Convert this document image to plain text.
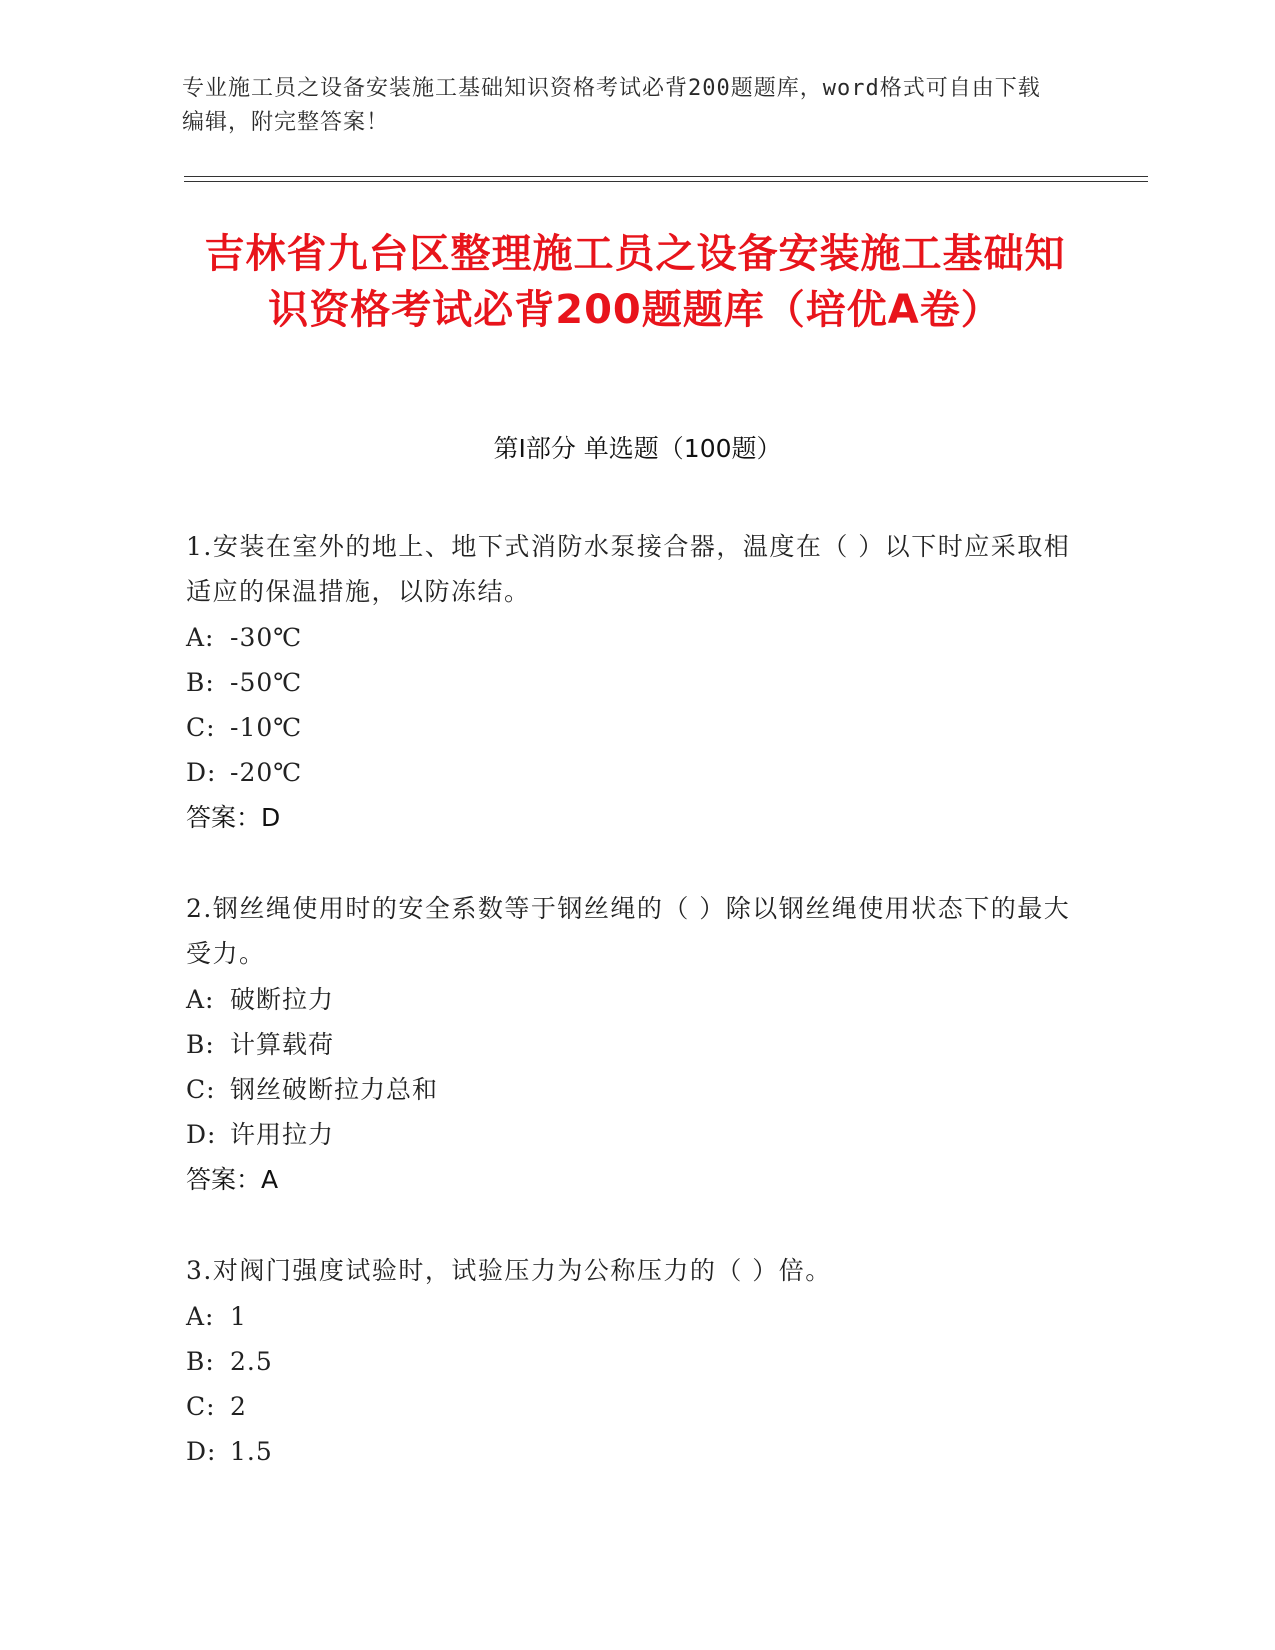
专业施工员之设备安装施工基础知识资格考试必背200题题库，word格式可自由下载编辑，附完整答案！
吉林省九台区整理施工员之设备安装施工基础知识资格考试必背200题题库（培优A卷）
第I部分 单选题（100题）
1.安装在室外的地上、地下式消防水泵接合器，温度在（ ）以下时应采取相适应的保温措施，以防冻结。
A: -30℃
B: -50℃
C: -10℃
D: -20℃
答案：D
2.钢丝绳使用时的安全系数等于钢丝绳的（ ）除以钢丝绳使用状态下的最大受力。
A: 破断拉力
B: 计算载荷
C: 钢丝破断拉力总和
D: 许用拉力
答案：A
3.对阀门强度试验时，试验压力为公称压力的（ ）倍。
A: 1
B: 2.5
C: 2
D: 1.5
